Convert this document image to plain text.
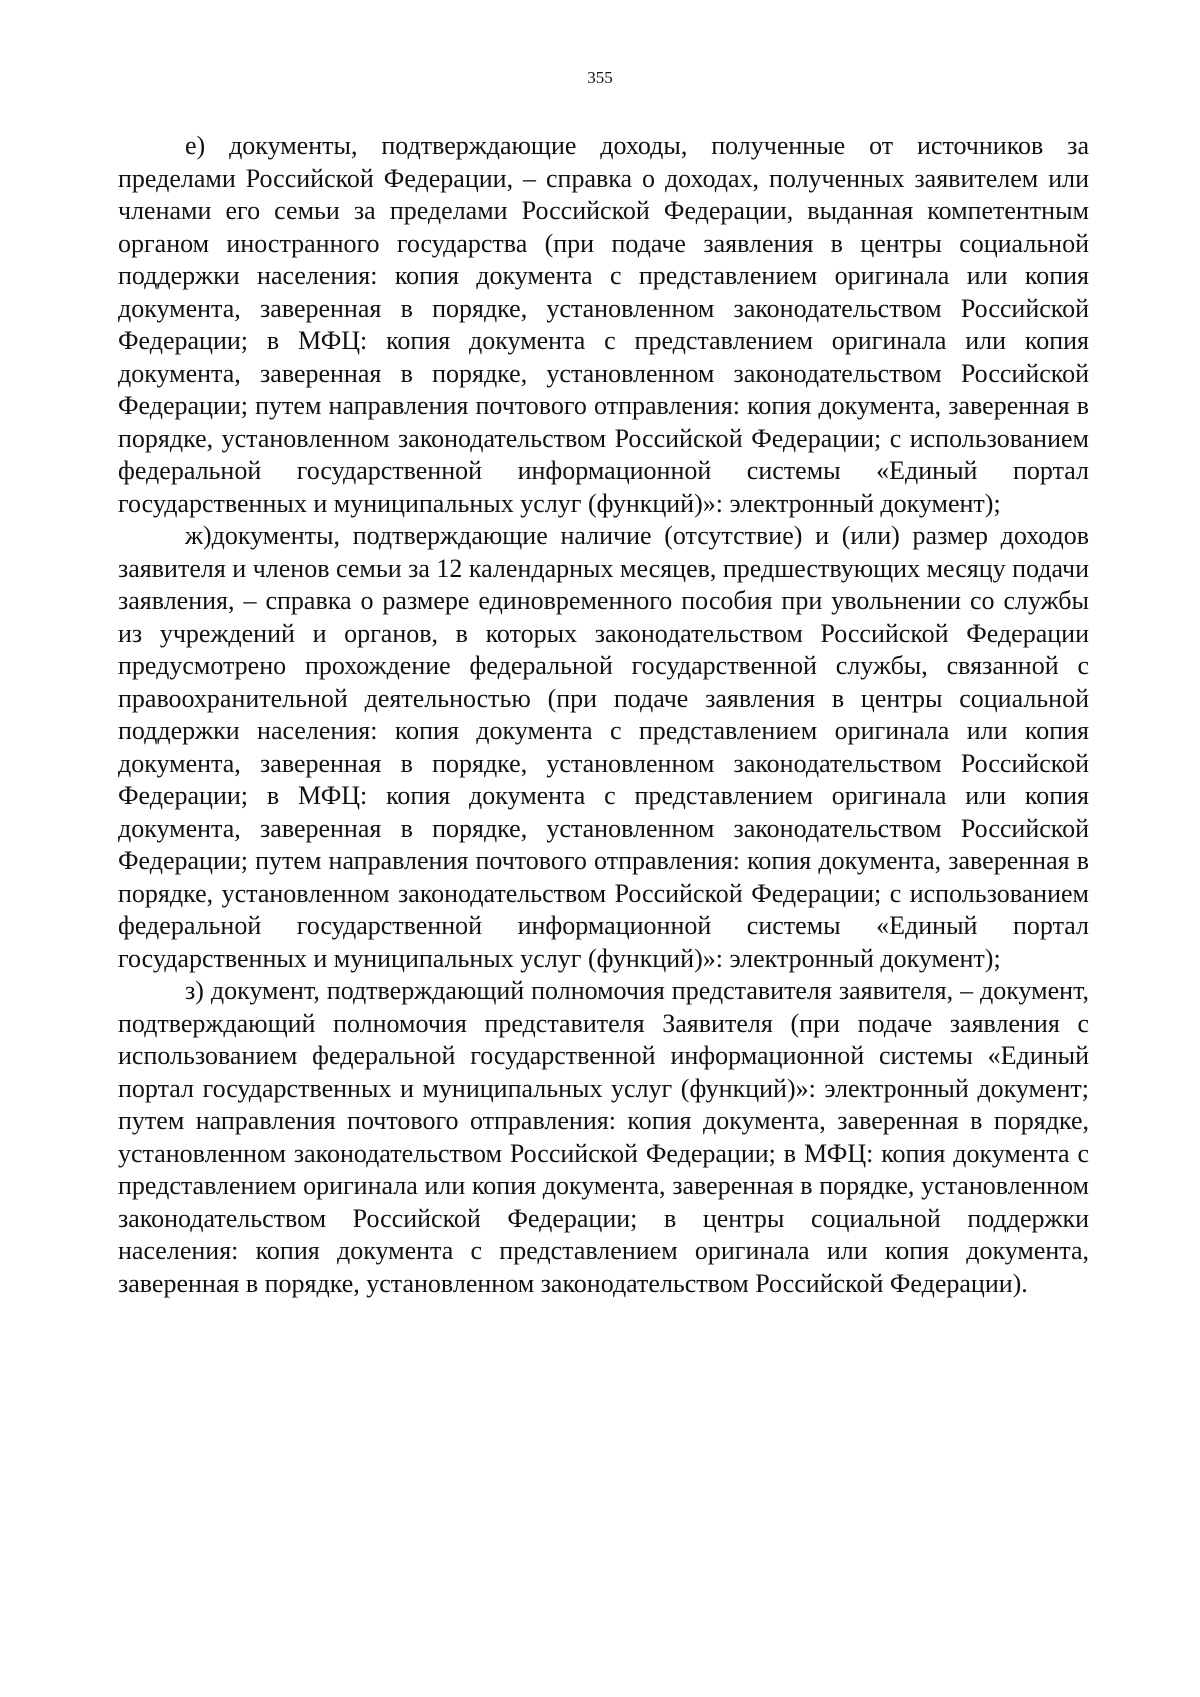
355

е) документы, подтверждающие доходы, полученные от источников за пределами Российской Федерации, – справка о доходах, полученных заявителем или членами его семьи за пределами Российской Федерации, выданная компетентным органом иностранного государства (при подаче заявления в центры социальной поддержки населения: копия документа с представлением оригинала или копия документа, заверенная в порядке, установленном законодательством Российской Федерации; в МФЦ: копия документа с представлением оригинала или копия документа, заверенная в порядке, установленном законодательством Российской Федерации; путем направления почтового отправления: копия документа, заверенная в порядке, установленном законодательством Российской Федерации; с использованием федеральной государственной информационной системы «Единый портал государственных и муниципальных услуг (функций)»: электронный документ);

ж)документы, подтверждающие наличие (отсутствие) и (или) размер доходов заявителя и членов семьи за 12 календарных месяцев, предшествующих месяцу подачи заявления, – справка о размере единовременного пособия при увольнении со службы из учреждений и органов, в которых законодательством Российской Федерации предусмотрено прохождение федеральной государственной службы, связанной с правоохранительной деятельностью (при подаче заявления в центры социальной поддержки населения: копия документа с представлением оригинала или копия документа, заверенная в порядке, установленном законодательством Российской Федерации; в МФЦ: копия документа с представлением оригинала или копия документа, заверенная в порядке, установленном законодательством Российской Федерации; путем направления почтового отправления: копия документа, заверенная в порядке, установленном законодательством Российской Федерации; с использованием федеральной государственной информационной системы «Единый портал государственных и муниципальных услуг (функций)»: электронный документ);

з) документ, подтверждающий полномочия представителя заявителя, – документ, подтверждающий полномочия представителя Заявителя (при подаче заявления с использованием федеральной государственной информационной системы «Единый портал государственных и муниципальных услуг (функций)»: электронный документ; путем направления почтового отправления: копия документа, заверенная в порядке, установленном законодательством Российской Федерации; в МФЦ: копия документа с представлением оригинала или копия документа, заверенная в порядке, установленном законодательством Российской Федерации; в центры социальной поддержки населения: копия документа с представлением оригинала или копия документа, заверенная в порядке, установленном законодательством Российской Федерации).
